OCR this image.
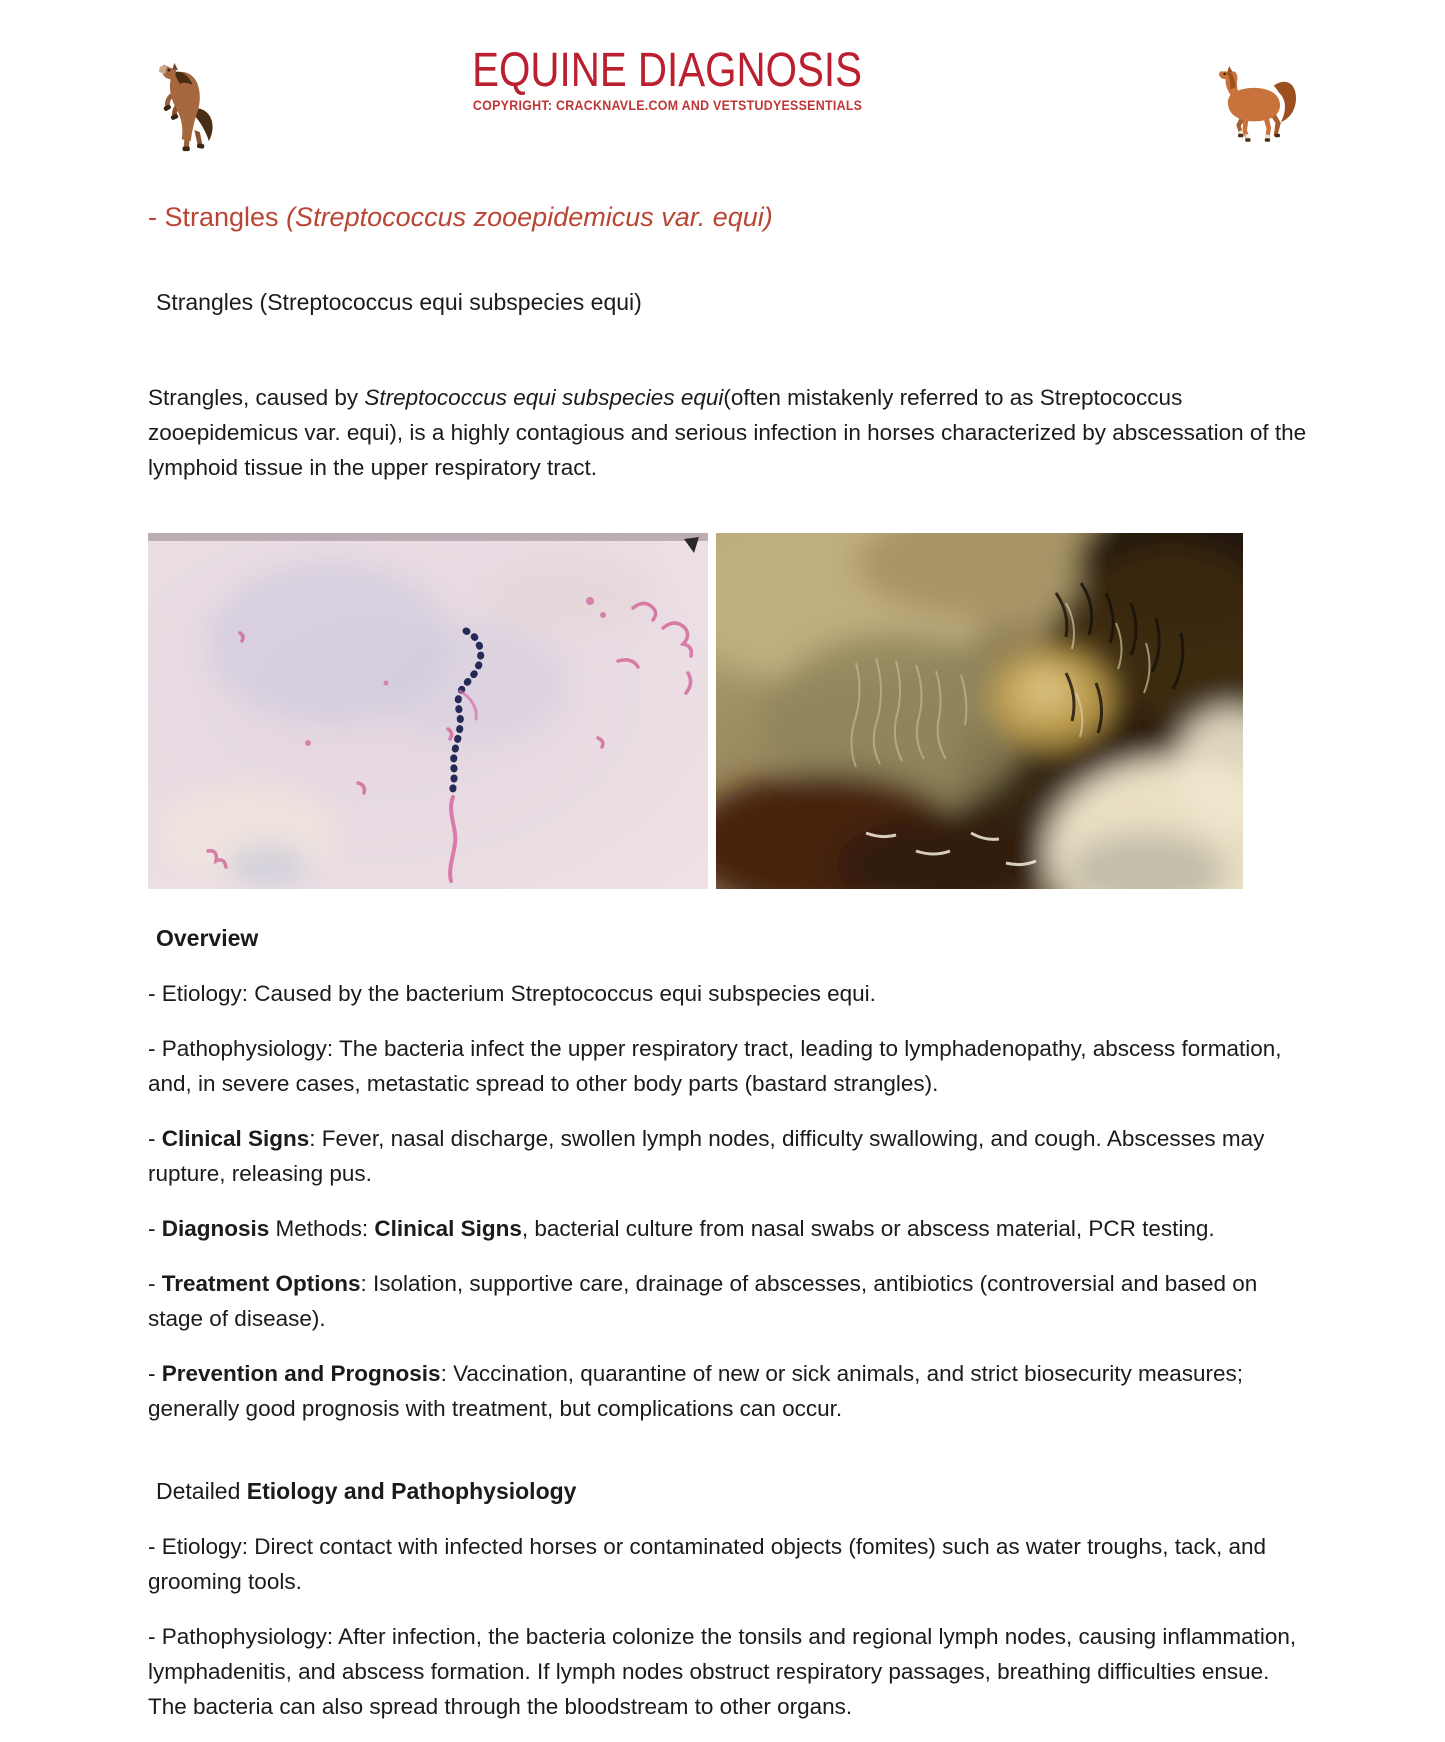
EQUINE DIAGNOSIS
COPYRIGHT: CRACKNAVLE.COM AND VETSTUDYESSENTIALS
- Strangles (Streptococcus zooepidemicus var. equi)
Strangles (Streptococcus equi subspecies equi)

Strangles, caused by Streptococcus equi subspecies equi(often mistakenly referred to as Streptococcus zooepidemicus var. equi), is a highly contagious and serious infection in horses characterized by abscessation of the lymphoid tissue in the upper respiratory tract.

Overview

- Etiology: Caused by the bacterium Streptococcus equi subspecies equi.

- Pathophysiology: The bacteria infect the upper respiratory tract, leading to lymphadenopathy, abscess formation, and, in severe cases, metastatic spread to other body parts (bastard strangles).

- Clinical Signs: Fever, nasal discharge, swollen lymph nodes, difficulty swallowing, and cough. Abscesses may rupture, releasing pus.

- Diagnosis Methods: Clinical Signs, bacterial culture from nasal swabs or abscess material, PCR testing.

- Treatment Options: Isolation, supportive care, drainage of abscesses, antibiotics (controversial and based on stage of disease).

- Prevention and Prognosis: Vaccination, quarantine of new or sick animals, and strict biosecurity measures; generally good prognosis with treatment, but complications can occur.

Detailed Etiology and Pathophysiology

- Etiology: Direct contact with infected horses or contaminated objects (fomites) such as water troughs, tack, and grooming tools.

- Pathophysiology: After infection, the bacteria colonize the tonsils and regional lymph nodes, causing inflammation, lymphadenitis, and abscess formation. If lymph nodes obstruct respiratory passages, breathing difficulties ensue. The bacteria can also spread through the bloodstream to other organs.
